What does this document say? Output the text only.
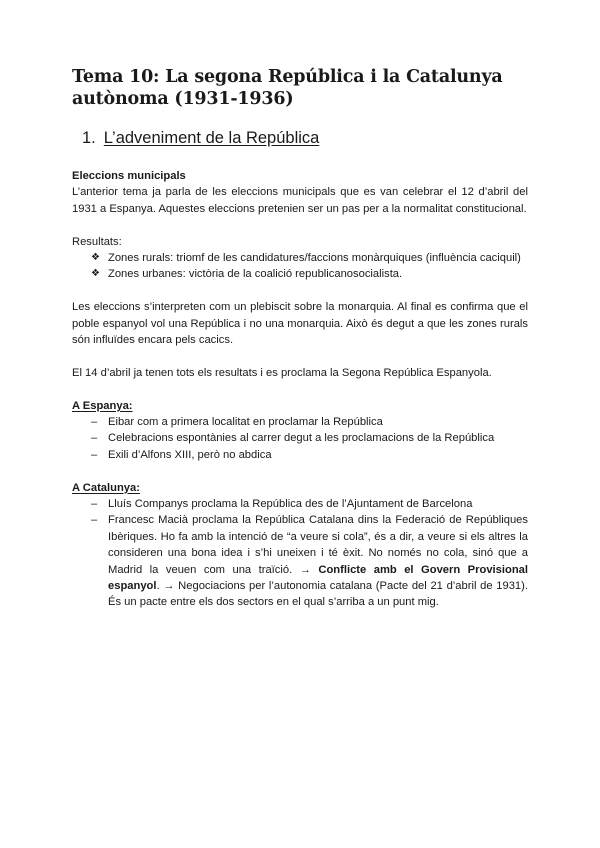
Tema 10: La segona República i la Catalunya autònoma (1931-1936)
1. L’adveniment de la República
Eleccions municipals

L’anterior tema ja parla de les eleccions municipals que es van celebrar el 12 d’abril del 1931 a Espanya. Aquestes eleccions pretenien ser un pas per a la normalitat constitucional.

Resultats:

❖ Zones rurals: triomf de les candidatures/faccions monàrquiques (influència caciquil)
❖ Zones urbanes: victòria de la coalició republicanosocialista.

Les eleccions s’interpreten com un plebiscit sobre la monarquia. Al final es confirma que el poble espanyol vol una República i no una monarquia. Això és degut a que les zones rurals són influïdes encara pels cacics.

El 14 d’abril ja tenen tots els resultats i es proclama la Segona República Espanyola.

A Espanya:
– Eibar com a primera localitat en proclamar la República
– Celebracions espontànies al carrer degut a les proclamacions de la República
– Exili d’Alfons XIII, però no abdica
A Catalunya:
– Lluís Companys proclama la República des de l’Ajuntament de Barcelona
– Francesc Macià proclama la República Catalana dins la Federació de Repúbliques Ibèriques. Ho fa amb la intenció de “a veure si cola”, és a dir, a veure si els altres la consideren una bona idea i s’hi uneixen i té èxit. No només no cola, sinó que a Madrid la veuen com una traïció. → Conflicte amb el Govern Provisional espanyol. → Negociacions per l’autonomia catalana (Pacte del 21 d’abril de 1931). És un pacte entre els dos sectors en el qual s’arriba a un punt mig.
